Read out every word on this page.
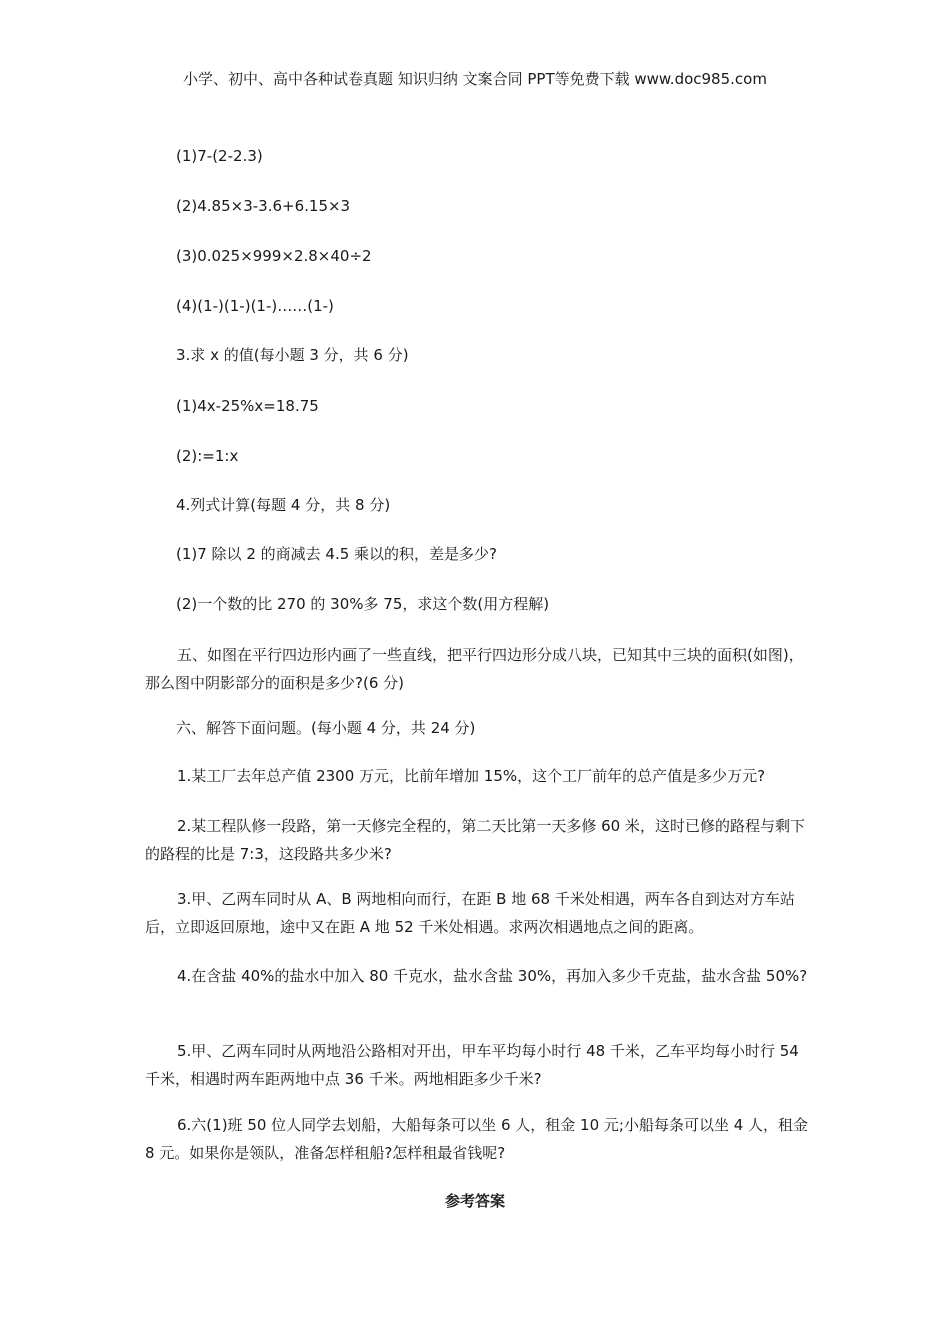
小学、初中、高中各种试卷真题 知识归纳 文案合同 PPT等免费下载 www.doc985.com
(1)7-(2-2.3)
(2)4.85×3-3.6+6.15×3
(3)0.025×999×2.8×40÷2
(4)(1-)(1-)(1-)……(1-)
3.求 x 的值(每小题 3 分，共 6 分)
(1)4x-25%x=18.75
(2):=1:x
4.列式计算(每题 4 分，共 8 分)
(1)7 除以 2 的商减去 4.5 乘以的积，差是多少?
(2)一个数的比 270 的 30%多 75，求这个数(用方程解)
五、如图在平行四边形内画了一些直线，把平行四边形分成八块，已知其中三块的面积(如图)，那么图中阴影部分的面积是多少?(6 分)
六、解答下面问题。(每小题 4 分，共 24 分)
1.某工厂去年总产值 2300 万元，比前年增加 15%，这个工厂前年的总产值是多少万元?
2.某工程队修一段路，第一天修完全程的，第二天比第一天多修 60 米，这时已修的路程与剩下的路程的比是 7:3，这段路共多少米?
3.甲、乙两车同时从 A、B 两地相向而行，在距 B 地 68 千米处相遇，两车各自到达对方车站后，立即返回原地，途中又在距 A 地 52 千米处相遇。求两次相遇地点之间的距离。
4.在含盐 40%的盐水中加入 80 千克水，盐水含盐 30%，再加入多少千克盐，盐水含盐 50%?
5.甲、乙两车同时从两地沿公路相对开出，甲车平均每小时行 48 千米，乙车平均每小时行 54 千米，相遇时两车距两地中点 36 千米。两地相距多少千米?
6.六(1)班 50 位人同学去划船，大船每条可以坐 6 人，租金 10 元;小船每条可以坐 4 人，租金 8 元。如果你是领队，准备怎样租船?怎样租最省钱呢?
参考答案
